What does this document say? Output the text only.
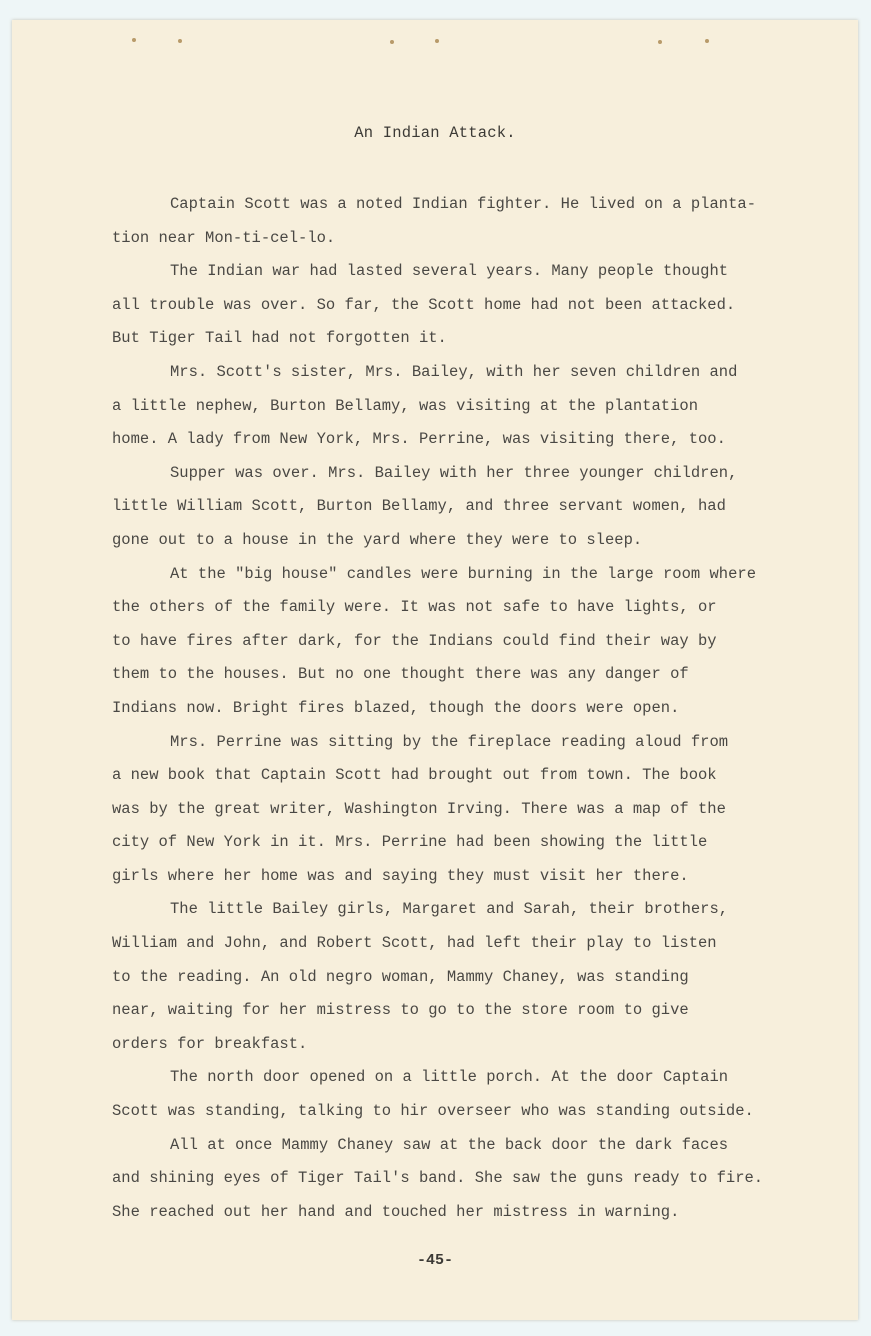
An Indian Attack.

Captain Scott was a noted Indian fighter. He lived on a planta-
tion near Mon-ti-cel-lo.

The Indian war had lasted several years. Many people thought
all trouble was over. So far, the Scott home had not been attacked.
But Tiger Tail had not forgotten it.

Mrs. Scott's sister, Mrs. Bailey, with her seven children and
a little nephew, Burton Bellamy, was visiting at the plantation
home. A lady from New York, Mrs. Perrine, was visiting there, too.

Supper was over. Mrs. Bailey with her three younger children,
little William Scott, Burton Bellamy, and three servant women, had
gone out to a house in the yard where they were to sleep.

At the "big house" candles were burning in the large room where
the others of the family were. It was not safe to have lights, or
to have fires after dark, for the Indians could find their way by
them to the houses. But no one thought there was any danger of
Indians now. Bright fires blazed, though the doors were open.

Mrs. Perrine was sitting by the fireplace reading aloud from
a new book that Captain Scott had brought out from town. The book
was by the great writer, Washington Irving. There was a map of the
city of New York in it. Mrs. Perrine had been showing the little
girls where her home was and saying they must visit her there.

The little Bailey girls, Margaret and Sarah, their brothers,
William and John, and Robert Scott, had left their play to listen
to the reading. An old negro woman, Mammy Chaney, was standing
near, waiting for her mistress to go to the store room to give
orders for breakfast.

The north door opened on a little porch. At the door Captain
Scott was standing, talking to hir overseer who was standing outside.

All at once Mammy Chaney saw at the back door the dark faces
and shining eyes of Tiger Tail's band. She saw the guns ready to fire.
She reached out her hand and touched her mistress in warning.

-45-
